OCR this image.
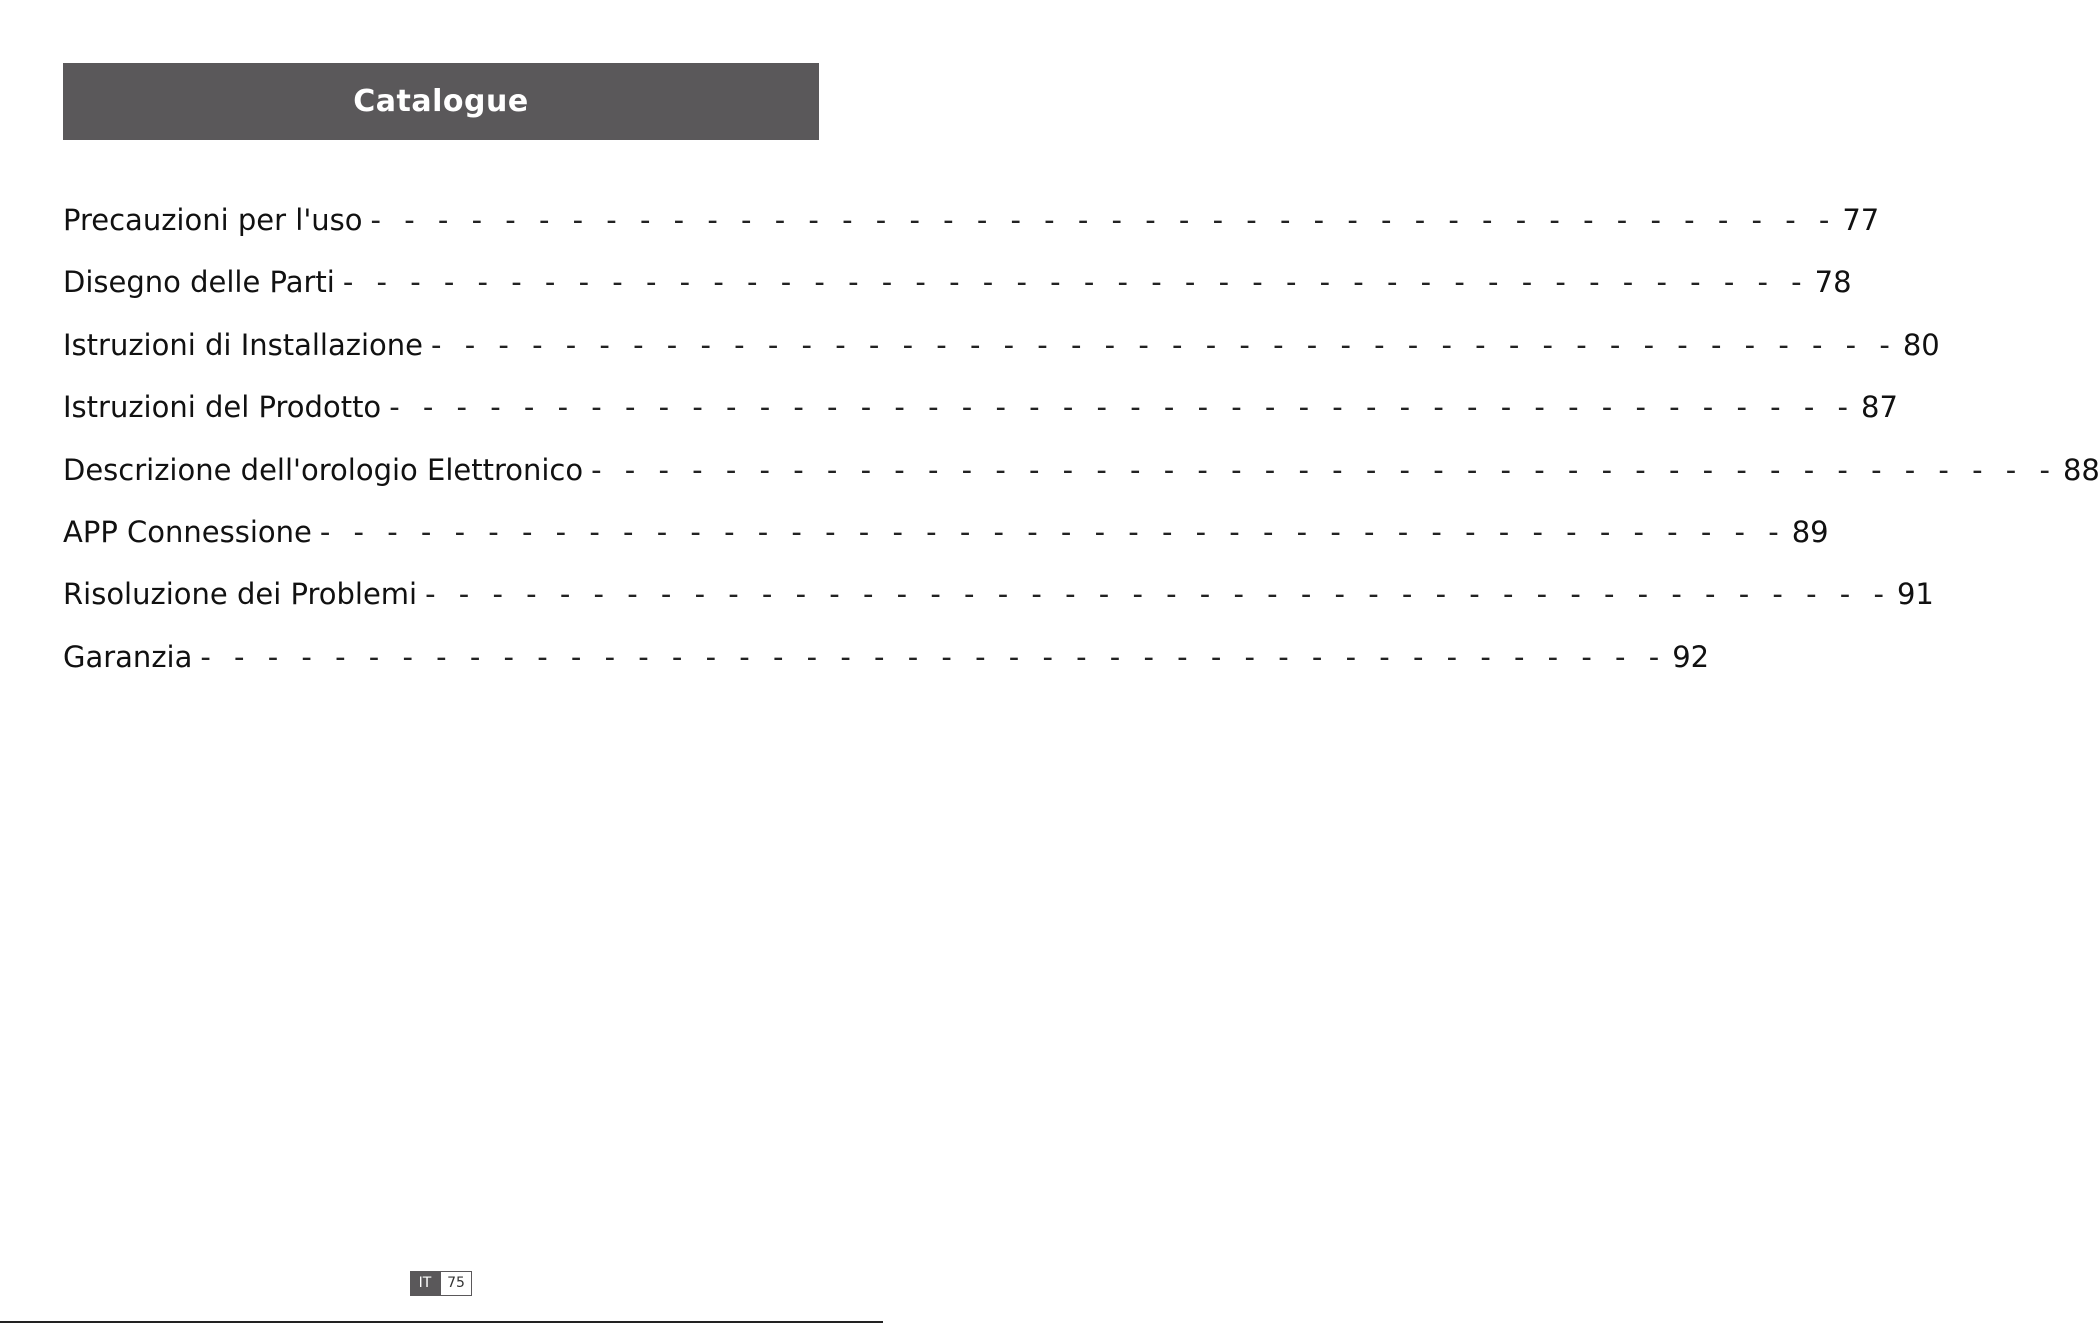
Catalogue
Precauzioni per l'uso - - - - - - - - - - - - - - - - - - - - - - - - - - - - - - - - - - - - - - - - - - - - 77
Disegno delle Parti - - - - - - - - - - - - - - - - - - - - - - - - - - - - - - - - - - - - - - - - - - - - 78
Istruzioni di Installazione - - - - - - - - - - - - - - - - - - - - - - - - - - - - - - - - - - - - - - - - - - - - 80
Istruzioni del Prodotto - - - - - - - - - - - - - - - - - - - - - - - - - - - - - - - - - - - - - - - - - - - - 87
Descrizione dell'orologio Elettronico - - - - - - - - - - - - - - - - - - - - - - - - - - - - - - - - - - - - - - - - - - - - 88
APP Connessione - - - - - - - - - - - - - - - - - - - - - - - - - - - - - - - - - - - - - - - - - - - - 89
Risoluzione dei Problemi - - - - - - - - - - - - - - - - - - - - - - - - - - - - - - - - - - - - - - - - - - - - 91
Garanzia - - - - - - - - - - - - - - - - - - - - - - - - - - - - - - - - - - - - - - - - - - - - 92
IT	75
